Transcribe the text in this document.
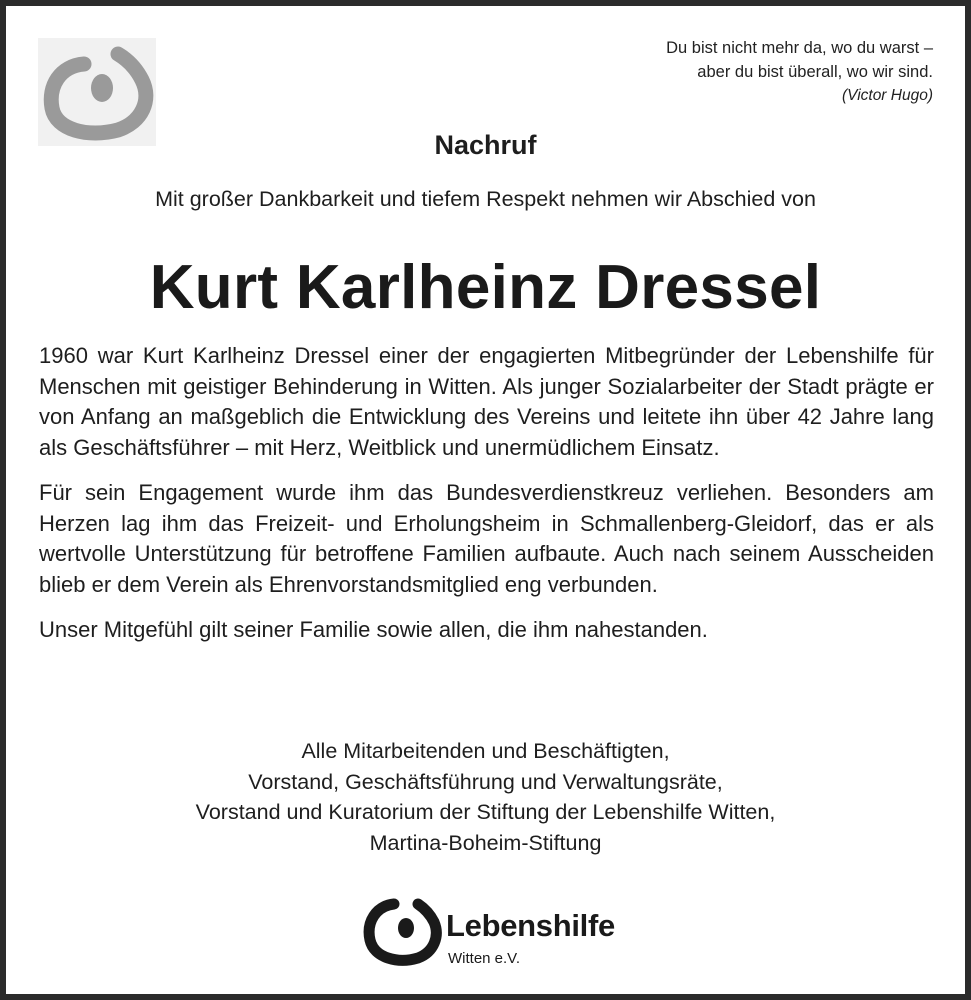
Du bist nicht mehr da, wo du warst –
aber du bist überall, wo wir sind.
(Victor Hugo)
Nachruf
Mit großer Dankbarkeit und tiefem Respekt nehmen wir Abschied von
Kurt Karlheinz Dressel

1960 war Kurt Karlheinz Dressel einer der engagierten Mitbegründer der Lebenshilfe für Menschen mit geistiger Behinderung in Witten. Als junger Sozialarbeiter der Stadt prägte er von Anfang an maßgeblich die Entwicklung des Vereins und leitete ihn über 42 Jahre lang als Geschäftsführer – mit Herz, Weitblick und unermüdlichem Einsatz.

Für sein Engagement wurde ihm das Bundesverdienstkreuz verliehen. Besonders am Herzen lag ihm das Freizeit- und Erholungsheim in Schmallenberg-Gleidorf, das er als wertvolle Unterstützung für betroffene Familien aufbaute. Auch nach seinem Ausscheiden blieb er dem Verein als Ehrenvorstandsmitglied eng verbunden.

Unser Mitgefühl gilt seiner Familie sowie allen, die ihm nahestanden.

Alle Mitarbeitenden und Beschäftigten,
Vorstand, Geschäftsführung und Verwaltungsräte,
Vorstand und Kuratorium der Stiftung der Lebenshilfe Witten,
Martina-Boheim-Stiftung
Lebenshilfe
Witten e.V.
